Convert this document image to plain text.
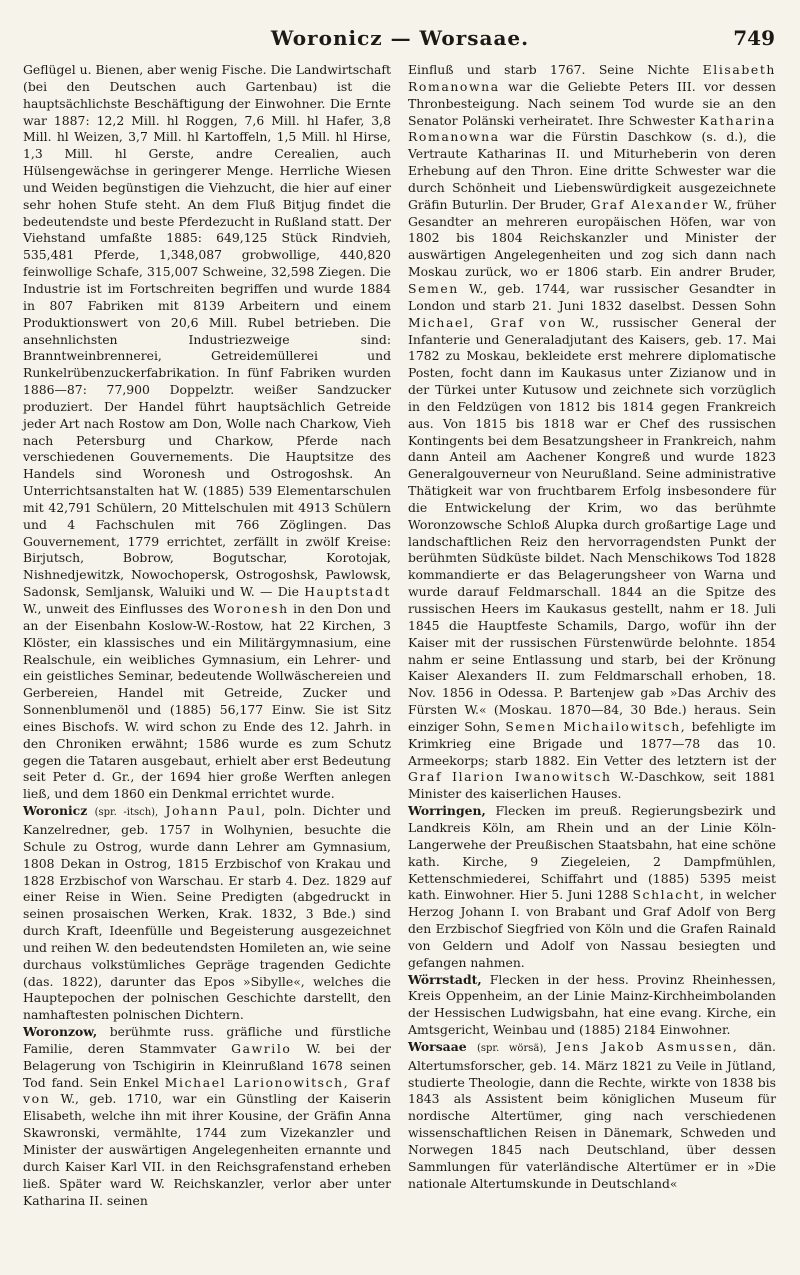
Woronicz — Worsaae.	749

Geflügel u. Bienen, aber wenig Fische. Die Landwirtschaft (bei den Deutschen auch Gartenbau) ist die hauptsächlichste Beschäftigung der Einwohner. Die Ernte war 1887: 12,2 Mill. hl Roggen, 7,6 Mill. hl Hafer, 3,8 Mill. hl Weizen, 3,7 Mill. hl Kartoffeln, 1,5 Mill. hl Hirse, 1,3 Mill. hl Gerste, andre Cerealien, auch Hülsengewächse in geringerer Menge. Herrliche Wiesen und Weiden begünstigen die Viehzucht, die hier auf einer sehr hohen Stufe steht. An dem Fluß Bitjug findet die bedeutendste und beste Pferdezucht in Rußland statt. Der Viehstand umfaßte 1885: 649,125 Stück Rindvieh, 535,481 Pferde, 1,348,087 grobwollige, 440,820 feinwollige Schafe, 315,007 Schweine, 32,598 Ziegen. Die Industrie ist im Fortschreiten begriffen und wurde 1884 in 807 Fabriken mit 8139 Arbeitern und einem Produktionswert von 20,6 Mill. Rubel betrieben. Die ansehnlichsten Industriezweige sind: Branntweinbrennerei, Getreidemüllerei und Runkelrübenzuckerfabrikation. In fünf Fabriken wurden 1886—87: 77,900 Doppelztr. weißer Sandzucker produziert. Der Handel führt hauptsächlich Getreide jeder Art nach Rostow am Don, Wolle nach Charkow, Vieh nach Petersburg und Charkow, Pferde nach verschiedenen Gouvernements. Die Hauptsitze des Handels sind Woronesh und Ostrogoshsk. An Unterrichtsanstalten hat W. (1885) 539 Elementarschulen mit 42,791 Schülern, 20 Mittelschulen mit 4913 Schülern und 4 Fachschulen mit 766 Zöglingen. Das Gouvernement, 1779 errichtet, zerfällt in zwölf Kreise: Birjutsch, Bobrow, Bogutschar, Korotojak, Nishnedjewitzk, Nowochopersk, Ostrogoshsk, Pawlowsk, Sadonsk, Semljansk, Waluiki und W. — Die Hauptstadt W., unweit des Einflusses des Woronesh in den Don und an der Eisenbahn Koslow-W.-Rostow, hat 22 Kirchen, 3 Klöster, ein klassisches und ein Militärgymnasium, eine Realschule, ein weibliches Gymnasium, ein Lehrer- und ein geistliches Seminar, bedeutende Wollwäschereien und Gerbereien, Handel mit Getreide, Zucker und Sonnenblumenöl und (1885) 56,177 Einw. Sie ist Sitz eines Bischofs. W. wird schon zu Ende des 12. Jahrh. in den Chroniken erwähnt; 1586 wurde es zum Schutz gegen die Tataren ausgebaut, erhielt aber erst Bedeutung seit Peter d. Gr., der 1694 hier große Werften anlegen ließ, und dem 1860 ein Denkmal errichtet wurde.

Woronicz (spr. -itsch), Johann Paul, poln. Dichter und Kanzelredner, geb. 1757 in Wolhynien, besuchte die Schule zu Ostrog, wurde dann Lehrer am Gymnasium, 1808 Dekan in Ostrog, 1815 Erzbischof von Krakau und 1828 Erzbischof von Warschau. Er starb 4. Dez. 1829 auf einer Reise in Wien. Seine Predigten (abgedruckt in seinen prosaischen Werken, Krak. 1832, 3 Bde.) sind durch Kraft, Ideenfülle und Begeisterung ausgezeichnet und reihen W. den bedeutendsten Homileten an, wie seine durchaus volkstümliches Gepräge tragenden Gedichte (das. 1822), darunter das Epos »Sibylle«, welches die Hauptepochen der polnischen Geschichte darstellt, den namhaftesten polnischen Dichtern.

Woronzow, berühmte russ. gräfliche und fürstliche Familie, deren Stammvater Gawrilo W. bei der Belagerung von Tschigirin in Kleinrußland 1678 seinen Tod fand. Sein Enkel Michael Larionowitsch, Graf von W., geb. 1710, war ein Günstling der Kaiserin Elisabeth, welche ihn mit ihrer Kousine, der Gräfin Anna Skawronski, vermählte, 1744 zum Vizekanzler und Minister der auswärtigen Angelegenheiten ernannte und durch Kaiser Karl VII. in den Reichsgrafenstand erheben ließ. Später ward W. Reichskanzler, verlor aber unter Katharina II. seinen

Einfluß und starb 1767. Seine Nichte Elisabeth Romanowna war die Geliebte Peters III. vor dessen Thronbesteigung. Nach seinem Tod wurde sie an den Senator Polänski verheiratet. Ihre Schwester Katharina Romanowna war die Fürstin Daschkow (s. d.), die Vertraute Katharinas II. und Miturheberin von deren Erhebung auf den Thron. Eine dritte Schwester war die durch Schönheit und Liebenswürdigkeit ausgezeichnete Gräfin Buturlin. Der Bruder, Graf Alexander W., früher Gesandter an mehreren europäischen Höfen, war von 1802 bis 1804 Reichskanzler und Minister der auswärtigen Angelegenheiten und zog sich dann nach Moskau zurück, wo er 1806 starb. Ein andrer Bruder, Semen W., geb. 1744, war russischer Gesandter in London und starb 21. Juni 1832 daselbst. Dessen Sohn Michael, Graf von W., russischer General der Infanterie und Generaladjutant des Kaisers, geb. 17. Mai 1782 zu Moskau, bekleidete erst mehrere diplomatische Posten, focht dann im Kaukasus unter Zizianow und in der Türkei unter Kutusow und zeichnete sich vorzüglich in den Feldzügen von 1812 bis 1814 gegen Frankreich aus. Von 1815 bis 1818 war er Chef des russischen Kontingents bei dem Besatzungsheer in Frankreich, nahm dann Anteil am Aachener Kongreß und wurde 1823 Generalgouverneur von Neurußland. Seine administrative Thätigkeit war von fruchtbarem Erfolg insbesondere für die Entwickelung der Krim, wo das berühmte Woronzowsche Schloß Alupka durch großartige Lage und landschaftlichen Reiz den hervorragendsten Punkt der berühmten Südküste bildet. Nach Menschikows Tod 1828 kommandierte er das Belagerungsheer von Warna und wurde darauf Feldmarschall. 1844 an die Spitze des russischen Heers im Kaukasus gestellt, nahm er 18. Juli 1845 die Hauptfeste Schamils, Dargo, wofür ihn der Kaiser mit der russischen Fürstenwürde belohnte. 1854 nahm er seine Entlassung und starb, bei der Krönung Kaiser Alexanders II. zum Feldmarschall erhoben, 18. Nov. 1856 in Odessa. P. Bartenjew gab »Das Archiv des Fürsten W.« (Moskau. 1870—84, 30 Bde.) heraus. Sein einziger Sohn, Semen Michailowitsch, befehligte im Krimkrieg eine Brigade und 1877—78 das 10. Armeekorps; starb 1882. Ein Vetter des letztern ist der Graf Ilarion Iwanowitsch W.-Daschkow, seit 1881 Minister des kaiserlichen Hauses.

Worringen, Flecken im preuß. Regierungsbezirk und Landkreis Köln, am Rhein und an der Linie Köln-Langerwehe der Preußischen Staatsbahn, hat eine schöne kath. Kirche, 9 Ziegeleien, 2 Dampfmühlen, Kettenschmiederei, Schiffahrt und (1885) 5395 meist kath. Einwohner. Hier 5. Juni 1288 Schlacht, in welcher Herzog Johann I. von Brabant und Graf Adolf von Berg den Erzbischof Siegfried von Köln und die Grafen Rainald von Geldern und Adolf von Nassau besiegten und gefangen nahmen.

Wörrstadt, Flecken in der hess. Provinz Rheinhessen, Kreis Oppenheim, an der Linie Mainz-Kirchheimbolanden der Hessischen Ludwigsbahn, hat eine evang. Kirche, ein Amtsgericht, Weinbau und (1885) 2184 Einwohner.

Worsaae (spr. wörsä), Jens Jakob Asmussen, dän. Altertumsforscher, geb. 14. März 1821 zu Veile in Jütland, studierte Theologie, dann die Rechte, wirkte von 1838 bis 1843 als Assistent beim königlichen Museum für nordische Altertümer, ging nach verschiedenen wissenschaftlichen Reisen in Dänemark, Schweden und Norwegen 1845 nach Deutschland, über dessen Sammlungen für vaterländische Altertümer er in »Die nationale Altertumskunde in Deutschland«
